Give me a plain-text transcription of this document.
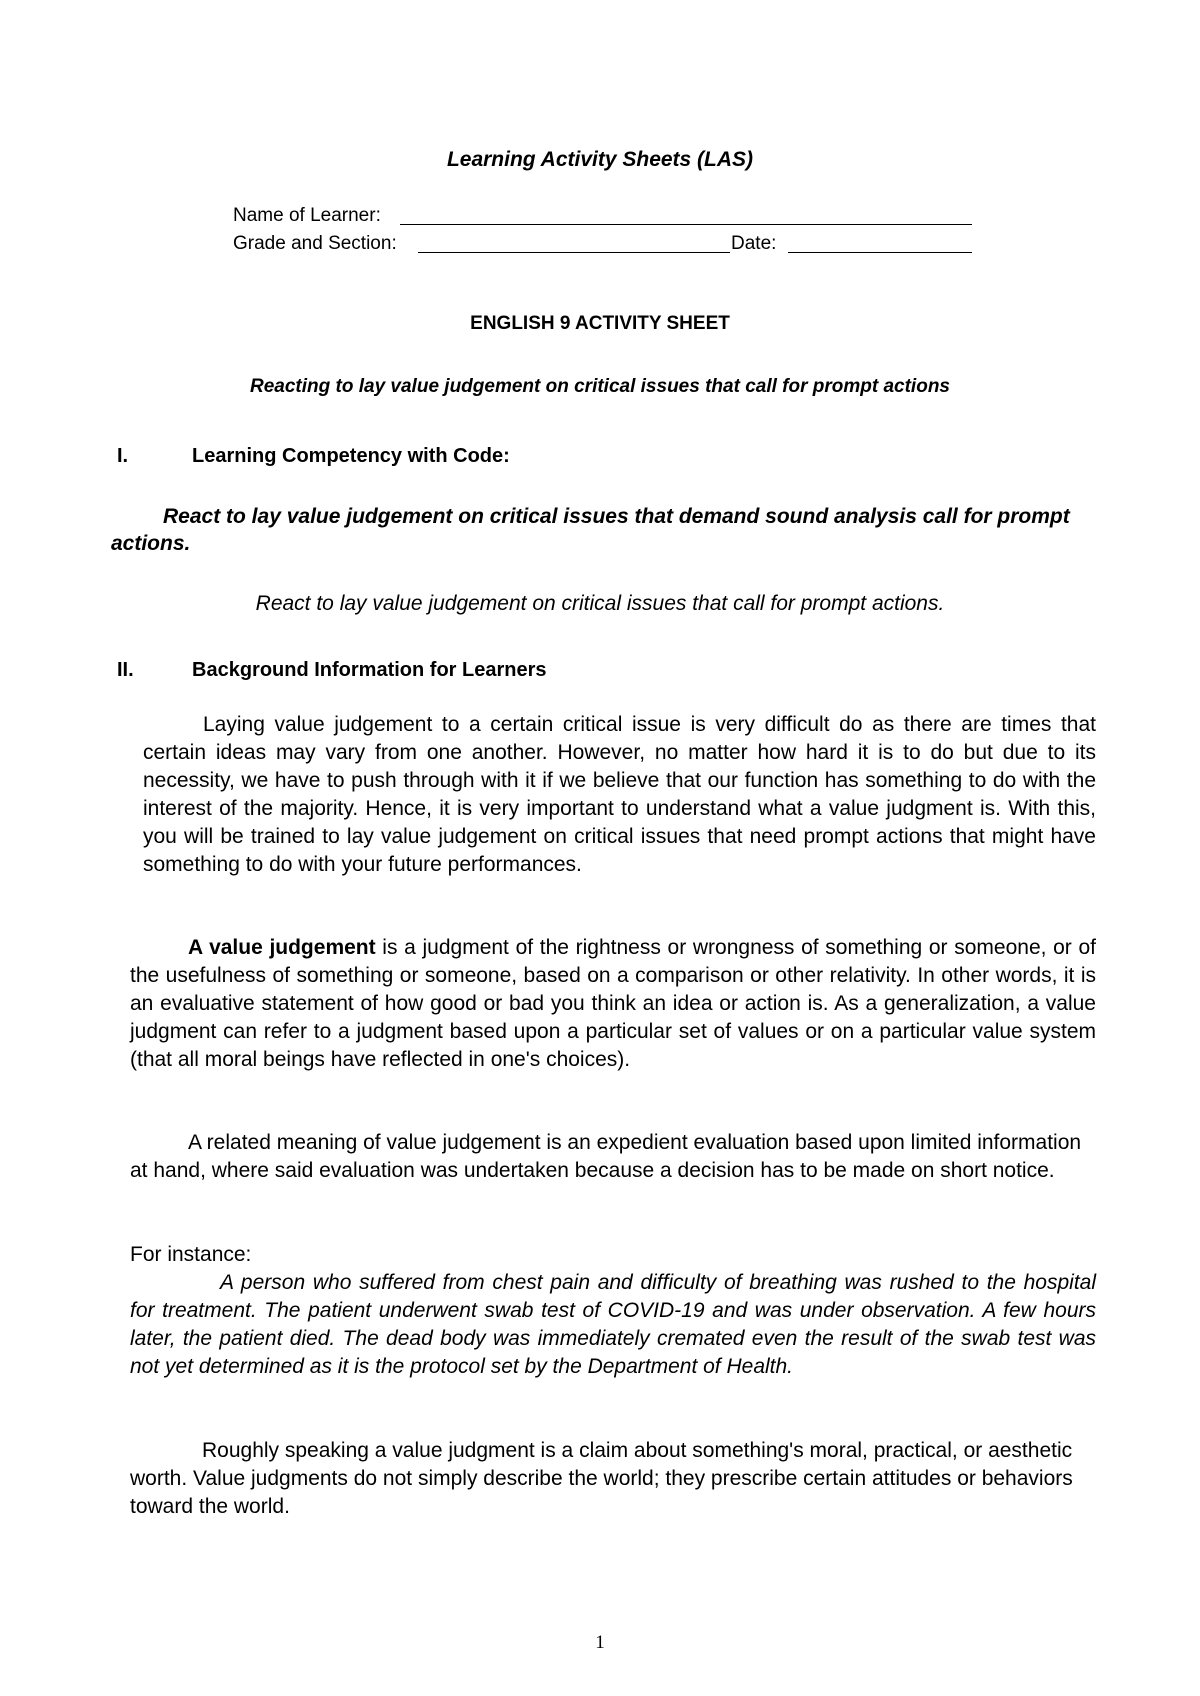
Learning Activity Sheets (LAS)
Name of Learner:
Grade and Section:	Date:
ENGLISH 9 ACTIVITY SHEET
Reacting to lay value judgement on critical issues that call for prompt actions
I.	Learning Competency with Code:
React to lay value judgement on critical issues that demand sound analysis call for prompt actions.
React to lay value judgement on critical issues that call for prompt actions.
II.	Background Information for Learners
Laying value judgement to a certain critical issue is very difficult do as there are times that certain ideas may vary from one another. However, no matter how hard it is to do but due to its necessity, we have to push through with it if we believe that our function has something to do with the interest of the majority. Hence, it is very important to understand what a value judgment is. With this, you will be trained to lay value judgement on critical issues that need prompt actions that might have something to do with your future performances.
A value judgement is a judgment of the rightness or wrongness of something or someone, or of the usefulness of something or someone, based on a comparison or other relativity. In other words, it is an evaluative statement of how good or bad you think an idea or action is. As a generalization, a value judgment can refer to a judgment based upon a particular set of values or on a particular value system (that all moral beings have reflected in one's choices).
A related meaning of value judgement is an expedient evaluation based upon limited information at hand, where said evaluation was undertaken because a decision has to be made on short notice.
For instance:
A person who suffered from chest pain and difficulty of breathing was rushed to the hospital for treatment. The patient underwent swab test of COVID-19 and was under observation. A few hours later, the patient died. The dead body was immediately cremated even the result of the swab test was not yet determined as it is the protocol set by the Department of Health.
Roughly speaking a value judgment is a claim about something's moral, practical, or aesthetic worth. Value judgments do not simply describe the world; they prescribe certain attitudes or behaviors toward the world.
1
